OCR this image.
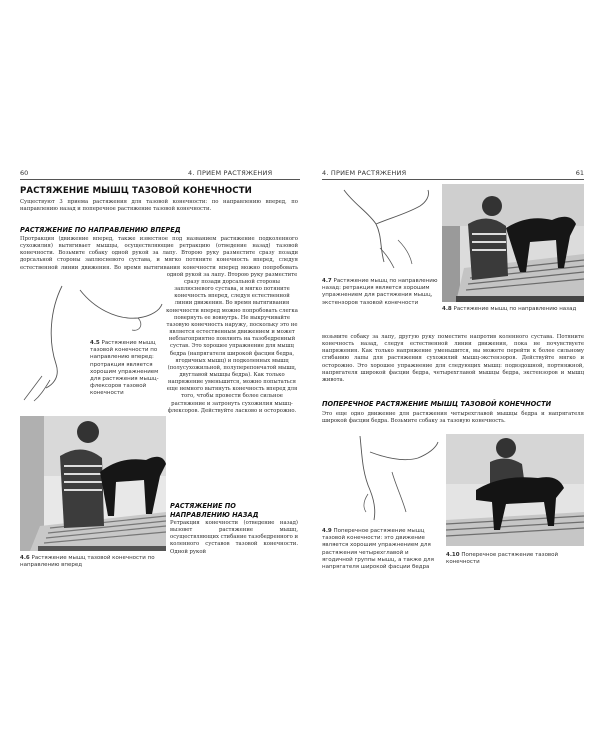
60	4. ПРИЕМ РАСТЯЖЕНИЯ
РАСТЯЖЕНИЕ МЫШЦ ТАЗОВОЙ КОНЕЧНОСТИ
Существуют 3 приема растяжения для тазовой конечности: по направлению вперед, по направлению назад и поперечное растяжение тазовой конечности.
РАСТЯЖЕНИЕ ПО НАПРАВЛЕНИЮ ВПЕРЕД
Протракция (движение вперед, также известное под названием растяжение подколенного сухожилия) вытягивает мышцы, осуществляющие ретракцию (отведение назад) тазовой конечности. Возьмите собаку одной рукой за лапу. Второю руку разместите сразу позади дорсальной стороны заплюсневого сустава, и мягко потяните конечность вперед, следуя естественной линии движения. Во время вытягивания конечности вперед можно попробовать
одной рукой за лапу. Второю руку разместите сразу позади дорсальной стороны заплюсневого сустава, и мягко потяните конечность вперед, следуя естественной линии движения. Во время вытягивания конечности вперед можно попробовать слегка повернуть ее вовнутрь. Не выкручивайте тазовую конечность наружу, поскольку это не является естественным движением и может неблагоприятно повлиять на тазобедренный сустав. Это хорошее упражнение для мышц бедра (напрягателя широкой фасции бедра, ягодичных мышц) и подколенных мышц (полусухожильной, полуперепончатой мышц, двуглавой мышцы бедра). Как только напряжение уменьшится, можно попытаться еще немного вытянуть конечность вперед для того, чтобы провести более сильное растяжение и затронуть сухожилия мышц-флексоров. Действуйте ласково и осторожно.
4.5 Растяжение мышц тазовой конечности по направлению вперед: протракция является хорошим упражнением для растяжения мышц-флексоров тазовой конечности
4.6 Растяжение мышц тазовой конечности по направлению вперед
РАСТЯЖЕНИЕ ПО НАПРАВЛЕНИЮ НАЗАД
Ретракция конечности (отведение назад) вызовет растяжение мышц, осуществляющих стибание тазобедренного и коленного суставов тазовой конечности. Одной рукой
4. ПРИЕМ РАСТЯЖЕНИЯ	61
4.7 Растяжение мышц по направлению назад: ретракция является хорошим упражнением для растяжения мышц, экстензоров тазовой конечности
4.8 Растяжение мышц по направлению назад
возьмите собаку за лапу, другую руку поместите напротив коленного сустава. Потяните конечность назад, следуя естественной линии движения, пока не почувствуете напряжения. Как только напряжение уменьшится, вы можете перейти к более сильному сгибанию лапы для растяжения сухожилий мышц-экстензоров. Действуйте мягко и осторожно. Это хорошее упражнение для следующих мышц: подвздошной, портняжной, напрягателя широкой фасции бедра, четырехглавой мышцы бедра, экстензоров и мышц живота.
ПОПЕРЕЧНОЕ РАСТЯЖЕНИЕ МЫШЦ ТАЗОВОЙ КОНЕЧНОСТИ
Это еще одно движение для растяжения четырехглавой мышцы бедра и напрягателя широкой фасции бедра. Возьмите собаку за тазовую конечность.
4.9 Поперечное растяжение мышц тазовой конечности: это движение является хорошим упражнением для растяжения четырехглавой и ягодичной группы мышц, а также для напрягателя широкой фасции бедра
4.10 Поперечное растяжение тазовой конечности
